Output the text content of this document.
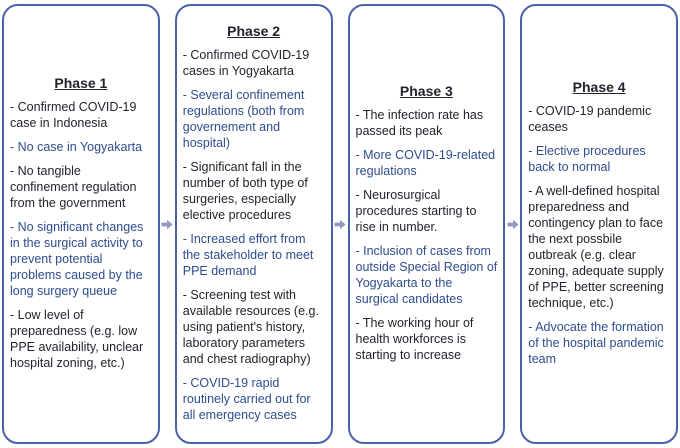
Phase 1

- Confirmed COVID-19 case in Indonesia

- No case in Yogyakarta

- No tangible confinement regulation from the government

- No significant changes in the surgical activity to prevent potential problems caused by the long surgery queue

- Low level of preparedness (e.g. low PPE availability, unclear hospital zoning, etc.)

Phase 2

- Confirmed COVID-19 cases in Yogyakarta

- Several confinement regulations (both from governement and hospital)

- Significant fall in the number of both type of surgeries, especially elective procedures

- Increased effort from the stakeholder to meet PPE demand

- Screening test with available resources (e.g. using patient's history, laboratory parameters and chest radiography)

- COVID-19 rapid routinely carried out for all emergency cases

Phase 3

- The infection rate has passed its peak

- More COVID-19-related regulations

- Neurosurgical procedures starting to rise in number.

- Inclusion of cases from outside Special Region of Yogyakarta to the surgical candidates

- The working hour of health workforces is starting to increase

Phase 4

- COVID-19 pandemic ceases

- Elective procedures back to normal

- A well-defined hospital preparedness and contingency plan to face the next possbile outbreak (e.g. clear zoning, adequate supply of PPE, better screening technique, etc.)

- Advocate the formation of the hospital pandemic team
